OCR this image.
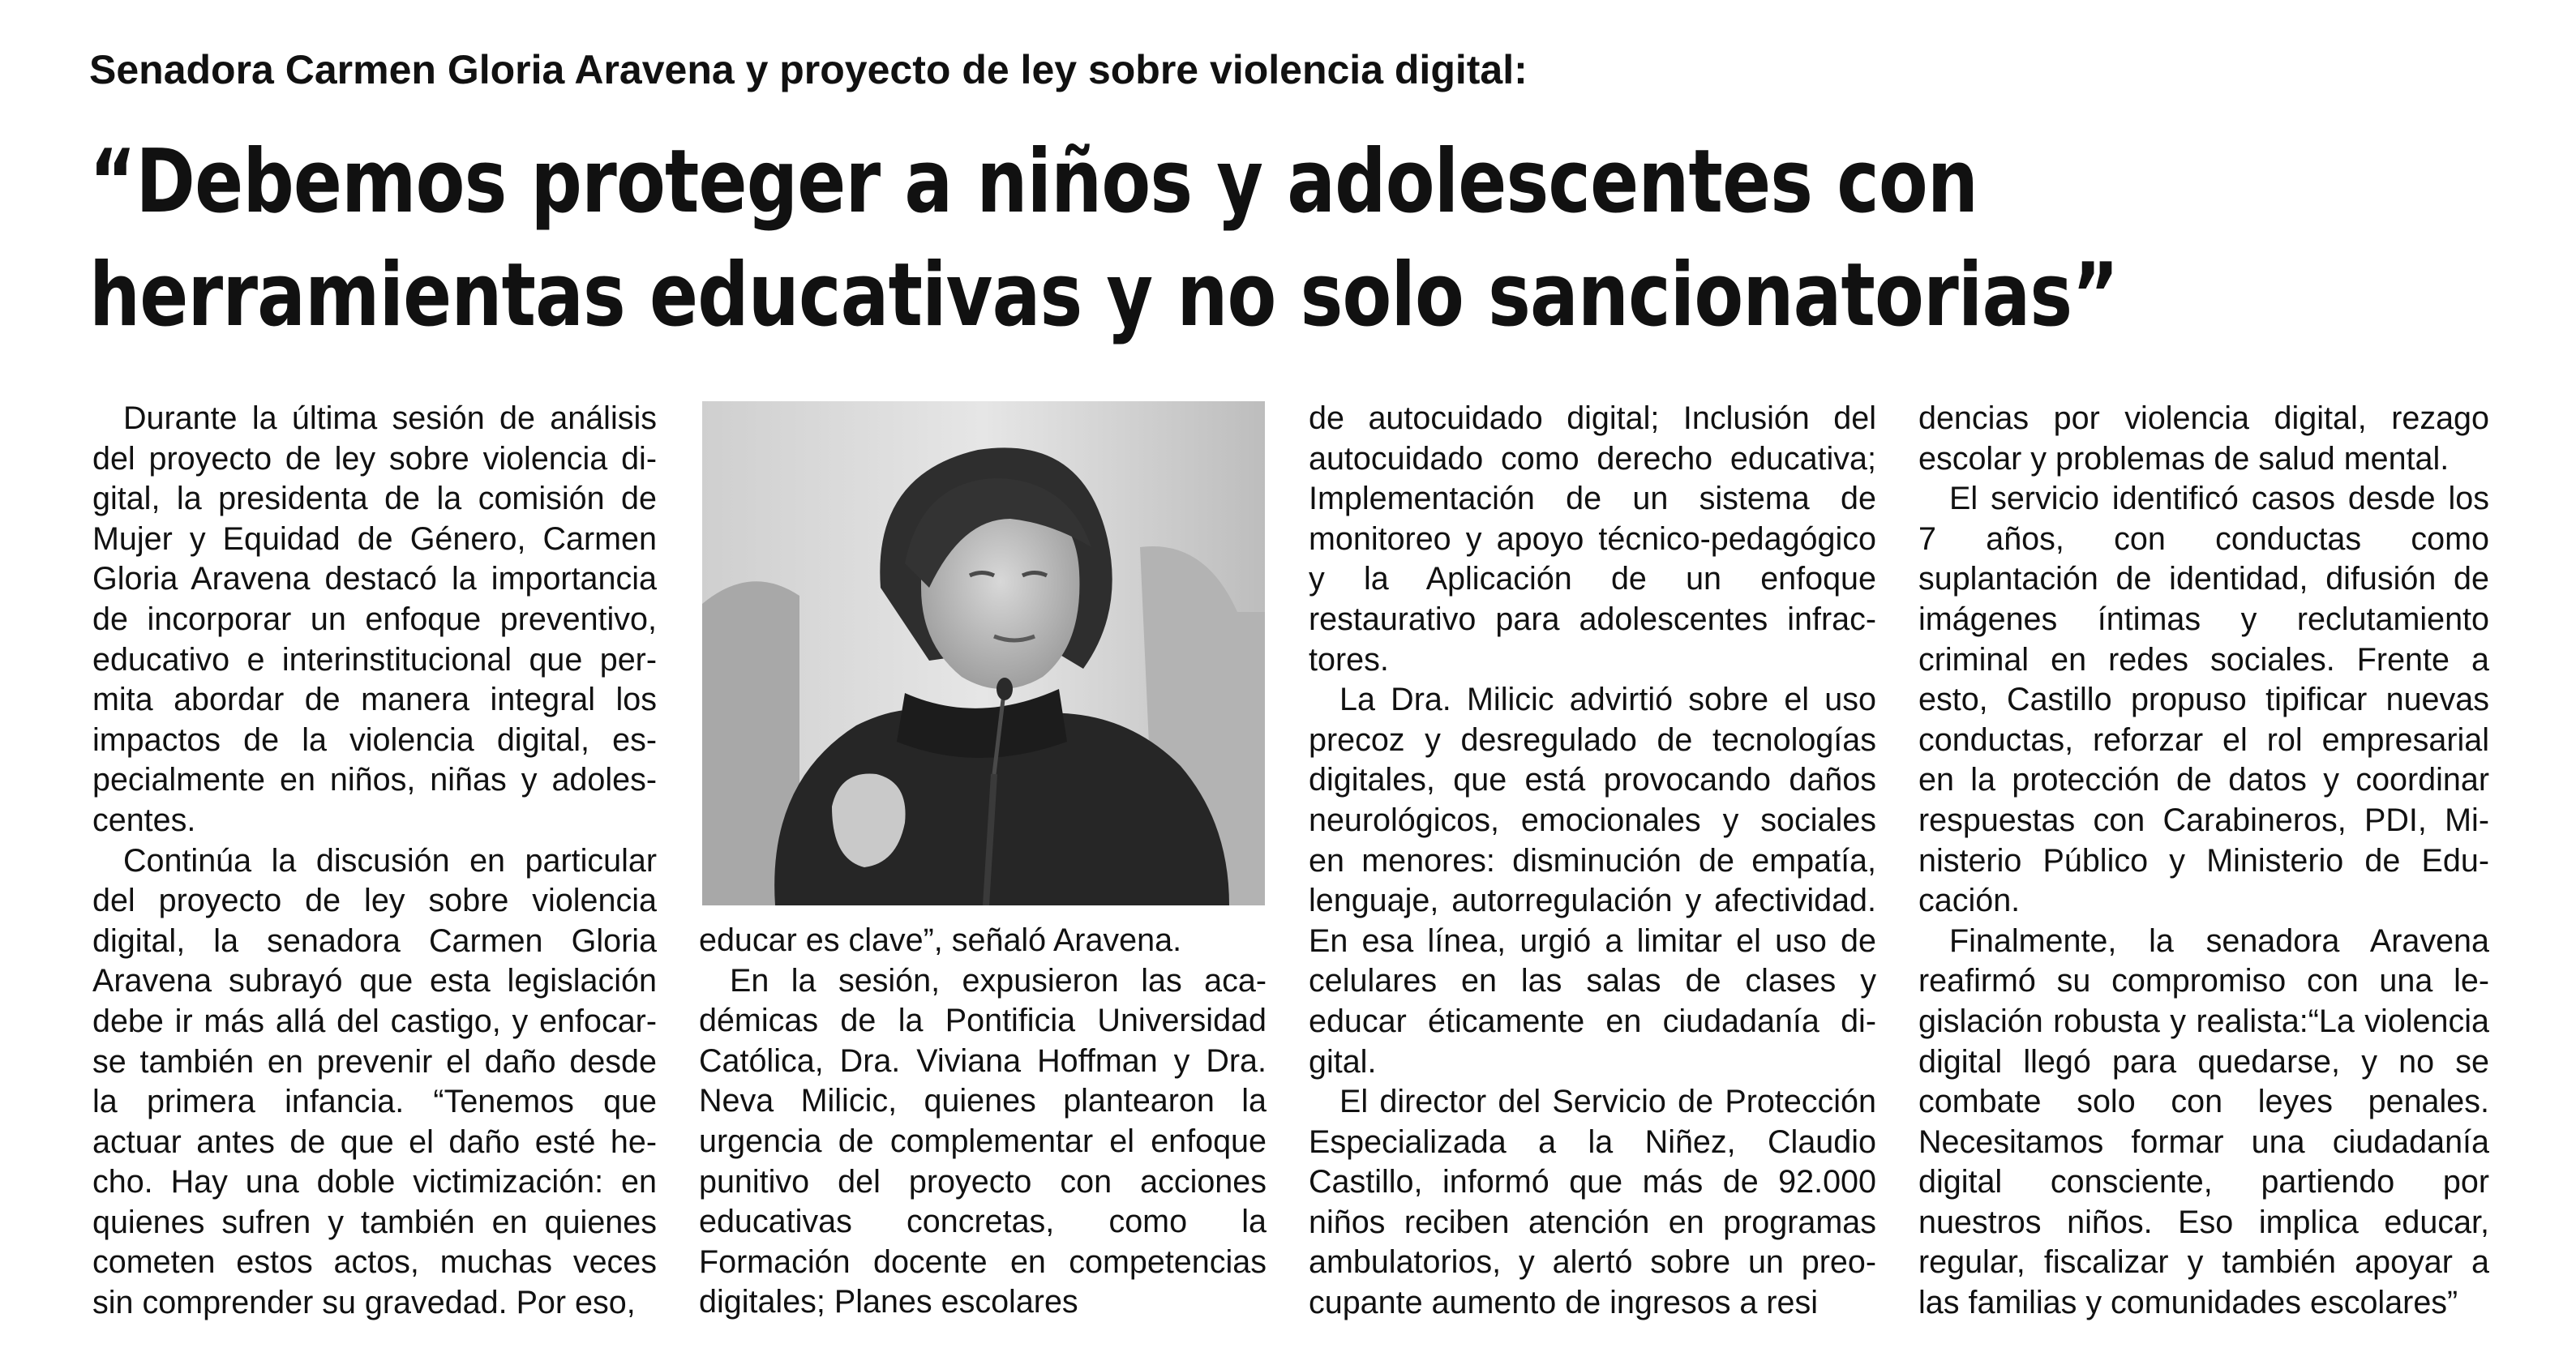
Senadora Carmen Gloria Aravena y proyecto de ley sobre violencia digital:
“Debemos proteger a niños y adolescentes con
herramientas educativas y no solo sancionatorias”

Durante la última sesión de análisis del proyecto de ley sobre violencia digital, la presidenta de la comisión de Mujer y Equidad de Género, Carmen Gloria Aravena destacó la importancia de incorporar un enfoque preventivo, educativo e interinstitucional que permita abordar de manera integral los impactos de la violencia digital, especialmente en niños, niñas y adolescentes.

Continúa la discusión en particular del proyecto de ley sobre violencia digital, la senadora Carmen Gloria Aravena subrayó que esta legislación debe ir más allá del castigo, y enfocarse también en prevenir el daño desde la primera infancia. “Tenemos que actuar antes de que el daño esté hecho. Hay una doble victimización: en quienes sufren y también en quienes cometen estos actos, muchas veces sin comprender su gravedad. Por eso,

educar es clave”, señaló Aravena.

En la sesión, expusieron las académicas de la Pontificia Universidad Católica, Dra. Viviana Hoffman y Dra. Neva Milicic, quienes plantearon la urgencia de complementar el enfoque punitivo del proyecto con acciones educativas concretas, como la Formación docente en competencias digitales; Planes escolares

de autocuidado digital; Inclusión del autocuidado como derecho educativa; Implementación de un sistema de monitoreo y apoyo técnico-pedagógico y la Aplicación de un enfoque restaurativo para adolescentes infractores.

La Dra. Milicic advirtió sobre el uso precoz y desregulado de tecnologías digitales, que está provocando daños neurológicos, emocionales y sociales en menores: disminución de empatía, lenguaje, autorregulación y afectividad. En esa línea, urgió a limitar el uso de celulares en las salas de clases y educar éticamente en ciudadanía digital.

El director del Servicio de Protección Especializada a la Niñez, Claudio Castillo, informó que más de 92.000 niños reciben atención en programas ambulatorios, y alertó sobre un preocupante aumento de ingresos a resi

dencias por violencia digital, rezago escolar y problemas de salud mental.

El servicio identificó casos desde los 7 años, con conductas como suplantación de identidad, difusión de imágenes íntimas y reclutamiento criminal en redes sociales. Frente a esto, Castillo propuso tipificar nuevas conductas, reforzar el rol empresarial en la protección de datos y coordinar respuestas con Carabineros, PDI, Ministerio Público y Ministerio de Educación.

Finalmente, la senadora Aravena reafirmó su compromiso con una legislación robusta y realista:“La violencia digital llegó para quedarse, y no se combate solo con leyes penales. Necesitamos formar una ciudadanía digital consciente, partiendo por nuestros niños. Eso implica educar, regular, fiscalizar y también apoyar a las familias y comunidades escolares”
